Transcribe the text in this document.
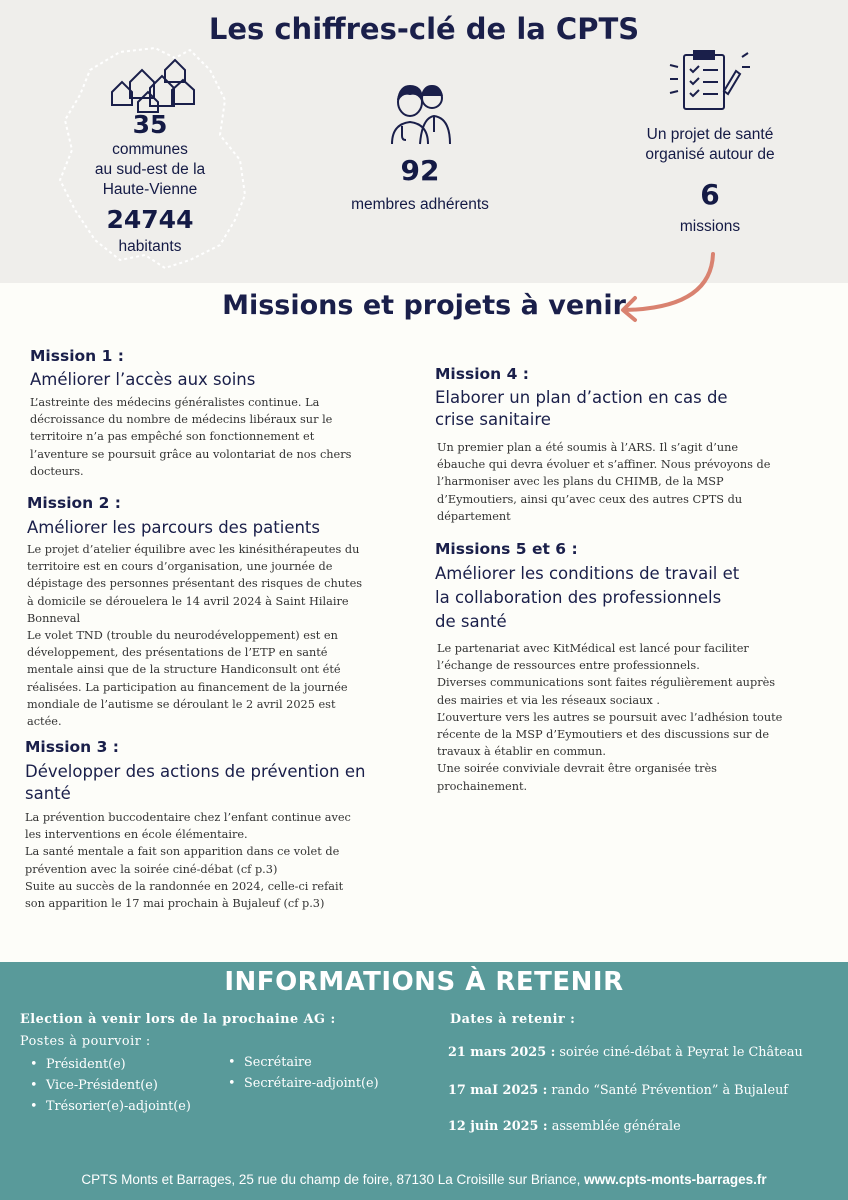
Les chiffres-clé de la CPTS
35
communes
au sud-est de la
Haute-Vienne
24744
habitants
92
membres adhérents
Un projet de santé
organisé autour de
6
missions
Missions et projets à venir
Mission 1 :
Améliorer l’accès aux soins

L’astreinte des médecins généralistes continue. La

décroissance du nombre de médecins libéraux sur le

territoire n’a pas empêché son fonctionnement et

l’aventure se poursuit grâce au volontariat de nos chers

docteurs.

Mission 2 :
Améliorer les parcours des patients

Le projet d’atelier équilibre avec les kinésithérapeutes du

territoire est en cours d’organisation, une journée de

dépistage des personnes présentant des risques de chutes

à domicile se dérouelera le 14 avril 2024 à Saint Hilaire

Bonneval

Le volet TND (trouble du neurodéveloppement) est en

développement, des présentations de l’ETP en santé

mentale ainsi que de la structure Handiconsult ont été

réalisées. La participation au financement de la journée

mondiale de l’autisme se déroulant le 2 avril 2025 est

actée.

Mission 3 :
Développer des actions de prévention en
santé

La prévention buccodentaire chez l’enfant continue avec

les interventions en école élémentaire.

La santé mentale a fait son apparition dans ce volet de

prévention avec la soirée ciné-débat (cf p.3)

Suite au succès de la randonnée en 2024, celle-ci refait

son apparition le 17 mai prochain à Bujaleuf (cf p.3)

Mission 4 :
Elaborer un plan d’action en cas de
crise sanitaire

Un premier plan a été soumis à l’ARS. Il s’agit d’une

ébauche qui devra évoluer et s’affiner. Nous prévoyons de

l’harmoniser avec les plans du CHIMB, de la MSP

d’Eymoutiers, ainsi qu’avec ceux des autres CPTS du

département

Missions 5 et 6 :
Améliorer les conditions de travail et
la collaboration des professionnels
de santé

Le partenariat avec KitMédical est lancé pour faciliter

l’échange de ressources entre professionnels.

Diverses communications sont faites régulièrement auprès

des mairies et via les réseaux sociaux .

L’ouverture vers les autres se poursuit avec l’adhésion toute

récente de la MSP d’Eymoutiers et des discussions sur de

travaux à établir en commun.

Une soirée conviviale devrait être organisée très

prochainement.

INFORMATIONS À RETENIR
Election à venir lors de la prochaine AG :
Postes à pourvoir :
• Président(e)
• Vice-Président(e)
• Trésorier(e)-adjoint(e)
• Secrétaire
• Secrétaire-adjoint(e)
Dates à retenir :
21 mars 2025 : soirée ciné-débat à Peyrat le Château
17 maI 2025 : rando “Santé Prévention” à Bujaleuf
12 juin 2025 : assemblée générale
CPTS Monts et Barrages, 25 rue du champ de foire, 87130 La Croisille sur Briance, www.cpts-monts-barrages.fr
